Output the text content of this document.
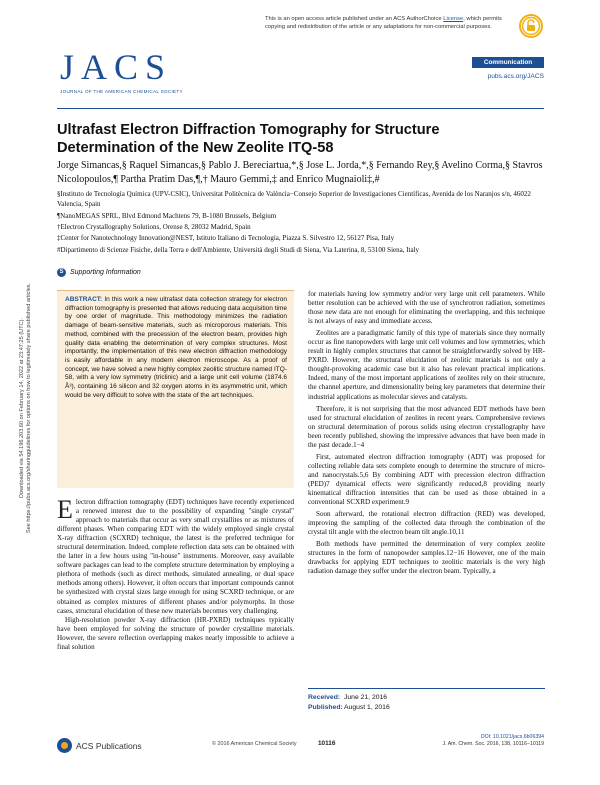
Downloaded via 54.196.203.60 on February 14, 2022 at 23:47:25 (UTC). See https://pubs.acs.org/sharingguidelines for options on how to legitimately share published articles.
This is an open access article published under an ACS AuthorChoice License, which permits copying and redistribution of the article or any adaptations for non-commercial purposes.
J A C S
JOURNAL OF THE AMERICAN CHEMICAL SOCIETY
Communication
pubs.acs.org/JACS
Ultrafast Electron Diffraction Tomography for Structure Determination of the New Zeolite ITQ-58
Jorge Simancas,§ Raquel Simancas,§ Pablo J. Bereciartua,*,§ Jose L. Jorda,*,§ Fernando Rey,§ Avelino Corma,§ Stavros Nicolopoulos,¶ Partha Pratim Das,¶,† Mauro Gemmi,‡ and Enrico Mugnaioli‡,#
§Instituto de Tecnología Química (UPV-CSIC), Universitat Politècnica de València−Consejo Superior de Investigaciones Científicas, Avenida de los Naranjos s/n, 46022 Valencia, Spain
¶NanoMEGAS SPRL, Blvd Edmond Machtens 79, B-1080 Brussels, Belgium
†Electron Crystallography Solutions, Orense 8, 28032 Madrid, Spain
‡Center for Nanotechnology Innovation@NEST, Istituto Italiano di Tecnologia, Piazza S. Silvestro 12, 56127 Pisa, Italy
#Dipartimento di Scienze Fisiche, della Terra e dell'Ambiente, Università degli Studi di Siena, Via Laterina, 8, 53100 Siena, Italy
S Supporting Information
ABSTRACT: In this work a new ultrafast data collection strategy for electron diffraction tomography is presented that allows reducing data acquisition time by one order of magnitude. This methodology minimizes the radiation damage of beam-sensitive materials, such as microporous materials. This method, combined with the precession of the electron beam, provides high quality data enabling the determination of very complex structures. Most importantly, the implementation of this new electron diffraction methodology is easily affordable in any modern electron microscope. As a proof of concept, we have solved a new highly complex zeolitic structure named ITQ-58, with a very low symmetry (triclinic) and a large unit cell volume (1874.6 Å³), containing 16 silicon and 32 oxygen atoms in its asymmetric unit, which would be very difficult to solve with the state of the art techniques.

Electron diffraction tomography (EDT) techniques have recently experienced a renewed interest due to the possibility of expanding "single crystal" approach to materials that occur as very small crystallites or as mixtures of different phases. When comparing EDT with the widely employed single crystal X-ray diffraction (SCXRD) technique, the latest is the preferred technique for structural determination. Indeed, complete reflection data sets can be obtained with the latter in a few hours using "in-house" instruments. Moreover, easy available software packages can lead to the complete structure determination by employing a plethora of methods (such as direct methods, simulated annealing, or dual space methods among others). However, it often occurs that important compounds cannot be synthesized with crystal sizes large enough for using SCXRD technique, or are obtained as complex mixtures of different phases and/or polymorphs. In those cases, structural elucidation of these new materials becomes very challenging.

High-resolution powder X-ray diffraction (HR-PXRD) techniques typically have been employed for solving the structure of powder crystalline materials. However, the severe reflection overlapping makes nearly impossible to achieve a final solution

for materials having low symmetry and/or very large unit cell parameters. While better resolution can be achieved with the use of synchrotron radiation, sometimes those new data are not enough for eliminating the overlapping, and this technique is not always of easy and immediate access.

Zeolites are a paradigmatic family of this type of materials since they normally occur as fine nanopowders with large unit cell volumes and low symmetries, which result in highly complex structures that cannot be straightforwardly solved by HR-PXRD. However, the structural elucidation of zeolitic materials is not only a thought-provoking academic case but it also has relevant practical implications. Indeed, many of the most important applications of zeolites rely on their structure, the channel aperture, and dimensionality being key parameters that determine their industrial applications as molecular sieves and catalysts.

Therefore, it is not surprising that the most advanced EDT methods have been used for structural elucidation of zeolites in recent years. Comprehensive reviews on structural determination of porous solids using electron crystallography have been recently published, showing the impressive advances that have been made in the past decade.1−4

First, automated electron diffraction tomography (ADT) was proposed for collecting reliable data sets complete enough to determine the structure of micro- and nanocrystals.5,6 By combining ADT with precession electron diffraction (PED)7 dynamical effects were significantly reduced,8 providing nearly kinematical diffraction intensities that can be used as those obtained in a conventional SCXRD experiment.9

Soon afterward, the rotational electron diffraction (RED) was developed, improving the sampling of the collected data through the combination of the crystal tilt angle with the electron beam tilt angle.10,11

Both methods have permitted the determination of very complex zeolite structures in the form of nanopowder samples.12−16 However, one of the main drawbacks for applying EDT techniques to zeolitic materials is the very high radiation damage they suffer under the electron beam. Typically, a

Received: June 21, 2016
Published:August 1, 2016
ACS Publications	© 2016 American Chemical Society	10116
DOI: 10.1021/jacs.6b06394
J. Am. Chem. Soc. 2016, 138, 10116−10119
